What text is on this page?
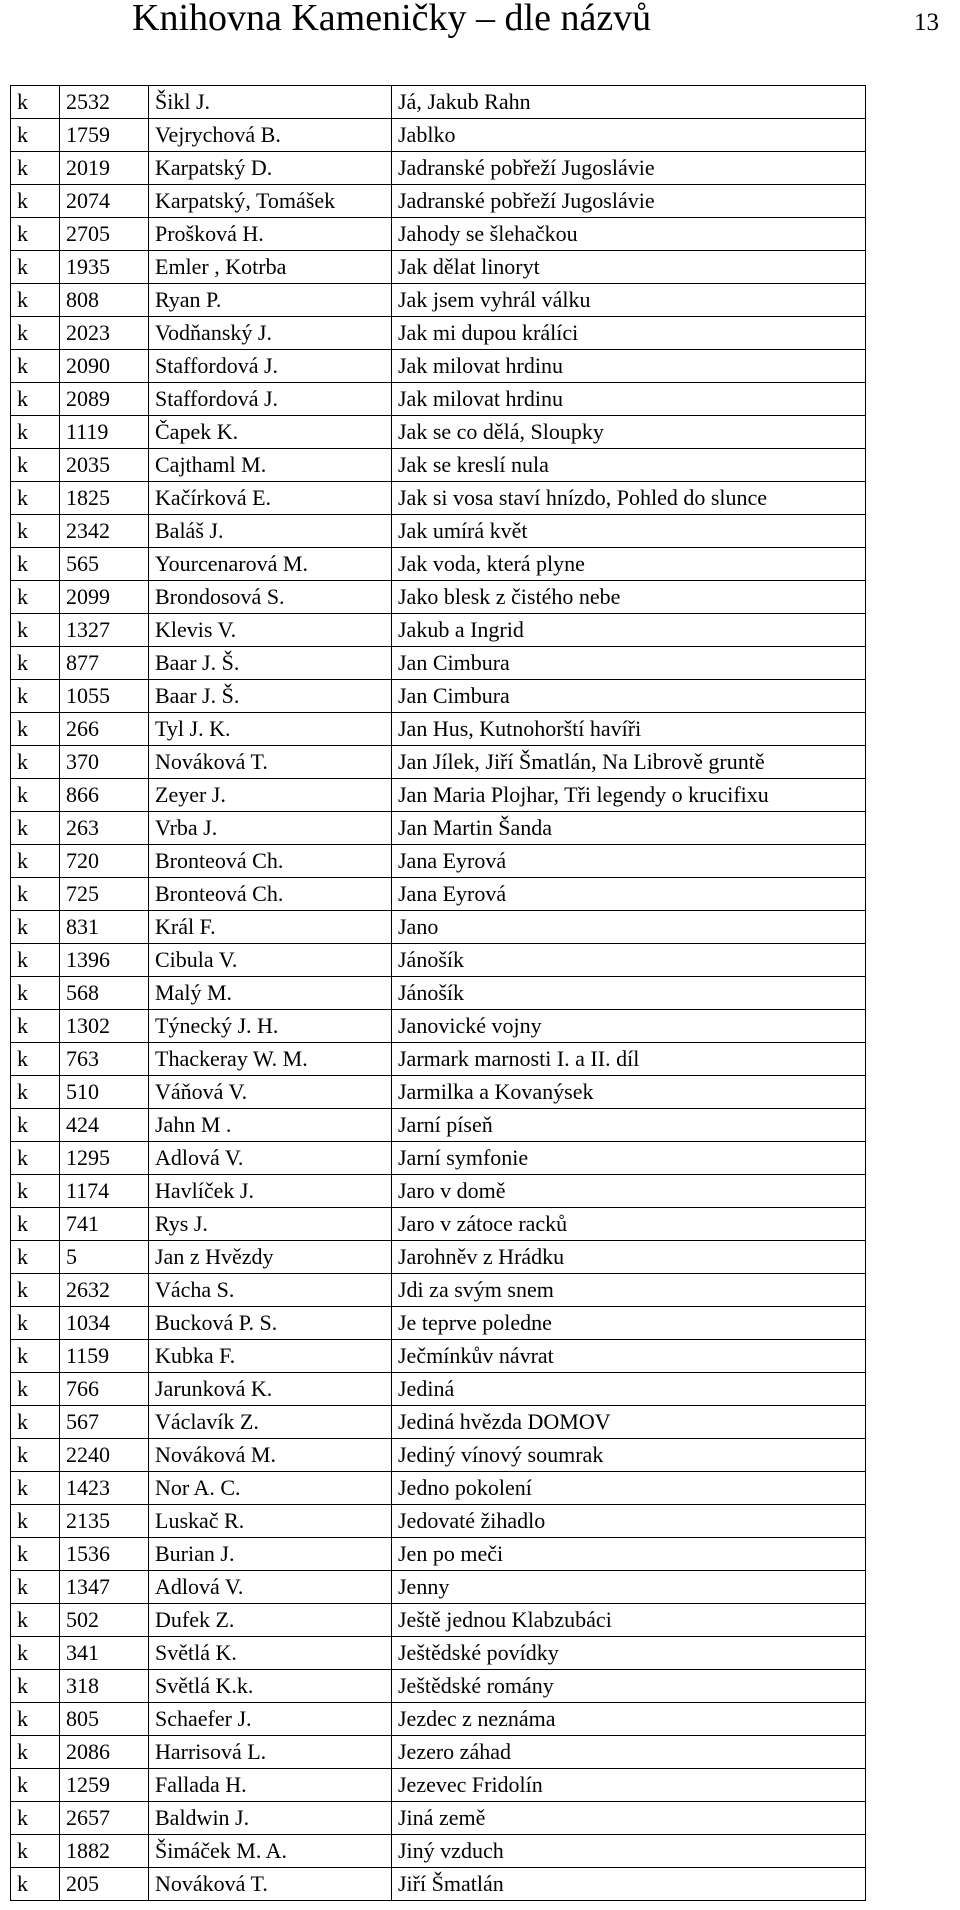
Knihovna Kameničky – dle názvů	13
k	2532	Šikl J.	Já, Jakub Rahn
k	1759	Vejrychová B.	Jablko
k	2019	Karpatský D.	Jadranské pobřeží Jugoslávie
k	2074	Karpatský, Tomášek	Jadranské pobřeží Jugoslávie
k	2705	Prošková H.	Jahody se šlehačkou
k	1935	Emler , Kotrba	Jak dělat linoryt
k	808	Ryan P.	Jak jsem vyhrál válku
k	2023	Vodňanský J.	Jak mi dupou králíci
k	2090	Staffordová J.	Jak milovat hrdinu
k	2089	Staffordová J.	Jak milovat hrdinu
k	1119	Čapek K.	Jak se co dělá, Sloupky
k	2035	Cajthaml M.	Jak se kreslí nula
k	1825	Kačírková E.	Jak si vosa staví hnízdo, Pohled do slunce
k	2342	Baláš J.	Jak umírá květ
k	565	Yourcenarová M.	Jak voda, která plyne
k	2099	Brondosová S.	Jako blesk z čistého nebe
k	1327	Klevis V.	Jakub a Ingrid
k	877	Baar J. Š.	Jan Cimbura
k	1055	Baar J. Š.	Jan Cimbura
k	266	Tyl J. K.	Jan Hus, Kutnohorští havíři
k	370	Nováková T.	Jan Jílek, Jiří Šmatlán, Na Librově gruntě
k	866	Zeyer J.	Jan Maria Plojhar, Tři legendy o krucifixu
k	263	Vrba J.	Jan Martin Šanda
k	720	Bronteová Ch.	Jana Eyrová
k	725	Bronteová Ch.	Jana Eyrová
k	831	Král F.	Jano
k	1396	Cibula V.	Jánošík
k	568	Malý M.	Jánošík
k	1302	Týnecký J. H.	Janovické vojny
k	763	Thackeray W. M.	Jarmark marnosti I. a II. díl
k	510	Váňová V.	Jarmilka a Kovanýsek
k	424	Jahn M .	Jarní píseň
k	1295	Adlová V.	Jarní symfonie
k	1174	Havlíček J.	Jaro v domě
k	741	Rys J.	Jaro v zátoce racků
k	5	Jan z Hvězdy	Jarohněv z Hrádku
k	2632	Vácha S.	Jdi za svým snem
k	1034	Bucková P. S.	Je teprve poledne
k	1159	Kubka F.	Ječmínkův návrat
k	766	Jarunková K.	Jediná
k	567	Václavík Z.	Jediná hvězda DOMOV
k	2240	Nováková M.	Jediný vínový soumrak
k	1423	Nor A. C.	Jedno pokolení
k	2135	Luskač R.	Jedovaté žihadlo
k	1536	Burian J.	Jen po meči
k	1347	Adlová V.	Jenny
k	502	Dufek Z.	Ještě jednou Klabzubáci
k	341	Světlá K.	Ještědské povídky
k	318	Světlá K.k.	Ještědské romány
k	805	Schaefer J.	Jezdec z neznáma
k	2086	Harrisová L.	Jezero záhad
k	1259	Fallada H.	Jezevec Fridolín
k	2657	Baldwin J.	Jiná země
k	1882	Šimáček M. A.	Jiný vzduch
k	205	Nováková T.	Jiří Šmatlán
